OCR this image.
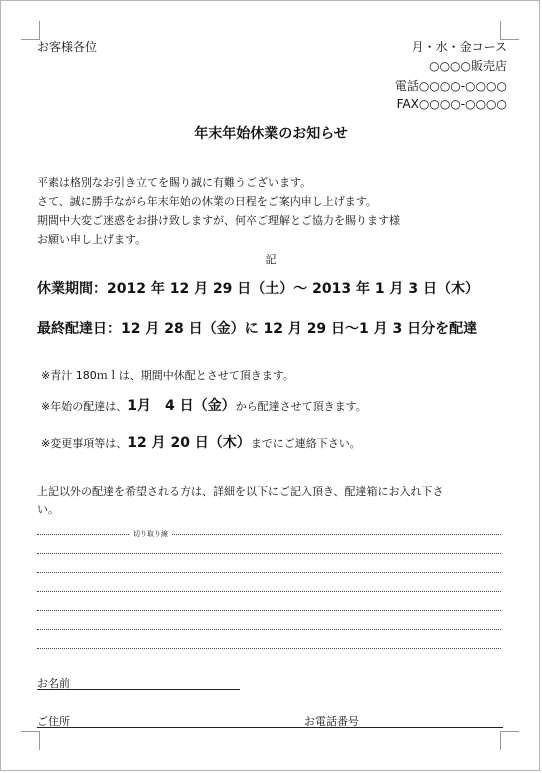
お客様各位	月・水・金コース
○○○○販売店
電話○○○○-○○○○
FAX○○○○-○○○○
年末年始休業のお知らせ
平素は格別なお引き立てを賜り誠に有難うございます。
さて、誠に勝手ながら年末年始の休業の日程をご案内申し上げます。
期間中大変ご迷惑をお掛け致しますが、何卒ご理解とご協力を賜ります様
お願い申し上げます。
記
休業期間：2012 年 12 月 29 日（土）～ 2013 年 1 月 3 日（木）
最終配達日：12 月 28 日（金）に 12 月 29 日～1 月 3 日分を配達
※青汁 180ｍｌは、期間中休配とさせて頂きます。
※年始の配達は、1月　4 日（金）から配達させて頂きます。
※変更事項等は、12 月 20 日（木）までにご連絡下さい。
上記以外の配達を希望される方は、詳細を以下にご記入頂き、配達箱にお入れ下さ
い。
切り取り線
お名前
ご住所	お電話番号
